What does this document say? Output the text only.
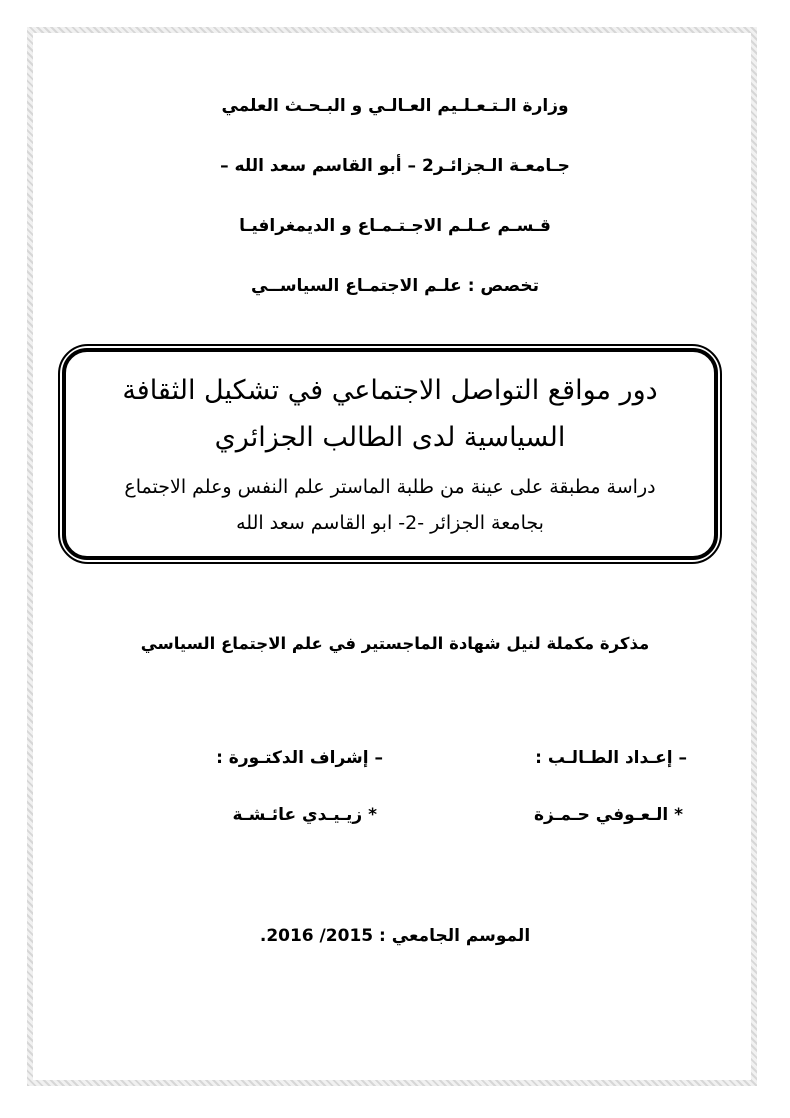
وزارة الـتـعـلـيم العـالـي و البـحـث العلمي
جـامعـة الـجزائـر2 – أبو القاسم سعد الله –
قـسـم عـلـم الاجـتـمـاع و الديمغرافيـا
تخصص : علـم الاجتمـاع السياســي
دور مواقع التواصل الاجتماعي في تشكيل الثقافة
السياسية لدى الطالب الجزائري
دراسة مطبقة على عينة من طلبة الماستر علم النفس وعلم الاجتماع
بجامعة الجزائر -2- ابو القاسم سعد الله
مذكرة مكملة لنيل شهادة الماجستير في علم الاجتماع السياسي
– إعـداد الطـالـب :
* الـعـوفي حـمـزة
– إشراف الدكتـورة :
* زيـيـدي عائـشـة
الموسم الجامعي : 2015/ 2016.
